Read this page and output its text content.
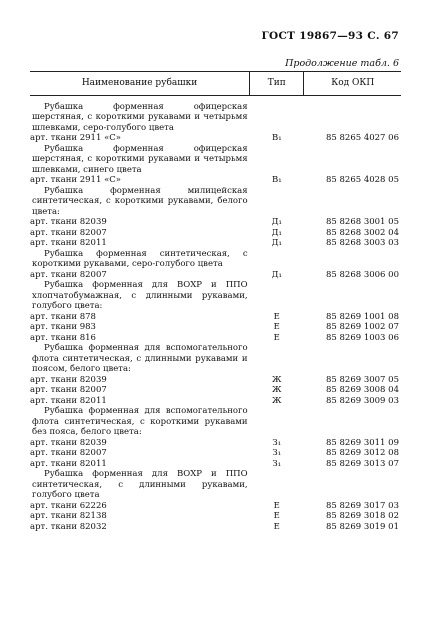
ГОСТ 19867—93 С. 67
Продолжение табл. 6
Наименование рубашки	Тип	Код ОКП
Рубашка форменная офицерская шерстяная, с короткими рукавами и четырьмя шлевками, серо-голубого цвета		
арт. ткани 2911 «С»	В₁	85 8265 4027 06
Рубашка форменная офицерская шерстяная, с короткими рукавами и четырьмя шлевками, синего цвета		
арт. ткани 2911 «С»	В₁	85 8265 4028 05
Рубашка форменная милицейская синтетическая, с короткими рукавами, белого цвета:		
арт. ткани 82039	Д₁	85 8268 3001 05
арт. ткани 82007	Д₁	85 8268 3002 04
арт. ткани 82011	Д₁	85 8268 3003 03
Рубашка форменная синтетическая, с короткими рукавами, серо-голубого цвета		
арт. ткани 82007	Д₁	85 8268 3006 00
Рубашка форменная для ВОХР и ППО хлопчатобумажная, с длинными рукавами, голубого цвета:		
арт. ткани 878	Е	85 8269 1001 08
арт. ткани 983	Е	85 8269 1002 07
арт. ткани 816	Е	85 8269 1003 06
Рубашка форменная для вспомогательного флота синтетическая, с длинными рукавами и поясом, белого цвета:		
арт. ткани 82039	Ж	85 8269 3007 05
арт. ткани 82007	Ж	85 8269 3008 04
арт. ткани 82011	Ж	85 8269 3009 03
Рубашка форменная для вспомогательного флота синтетическая, с короткими рукавами без пояса, белого цвета:		
арт. ткани 82039	З₁	85 8269 3011 09
арт. ткани 82007	З₁	85 8269 3012 08
арт. ткани 82011	З₁	85 8269 3013 07
Рубашка форменная для ВОХР и ППО синтетическая, с длинными рукавами, голубого цвета		
арт. ткани 62226	Е	85 8269 3017 03
арт. ткани 82138	Е	85 8269 3018 02
арт. ткани 82032	Е	85 8269 3019 01
